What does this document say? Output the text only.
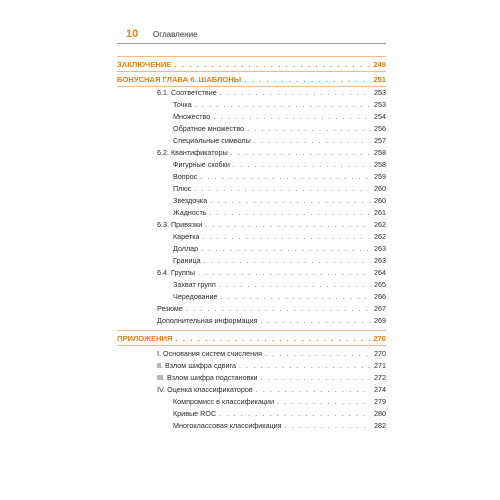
10 Оглавление
ЗАКЛЮЧЕНИЕ . . .	249
БОНУСНАЯ ГЛАВА 6. ШАБЛОНЫ . . .	251
6.1. Соответствие . . .	253
Точка . . .	253
Множество . . .	254
Обратное множество . . .	256
Специальные символы . . .	257
6.2. Квантификаторы . . .	258
Фигурные скобки . . .	258
Вопрос . . .	259
Плюс . . .	260
Звездочка . . .	260
Жадность . . .	261
6.3. Привязки . . .	262
Каретка . . .	262
Доллар . . .	263
Граница . . .	263
6.4. Группы . . .	264
Захват групп . . .	265
Чередование . . .	266
Резюме . . .	267
Дополнительная информация . . .	269
ПРИЛОЖЕНИЯ . . .	270
I. Основания систем счисления . . .	270
II. Взлом шифра сдвига . . .	271
III. Взлом шифра подстановки . . .	272
IV. Оценка классификаторов . . .	274
Компромисс в классификации . . .	279
Кривые ROC . . .	280
Многоклассовая классификация . . .	282
